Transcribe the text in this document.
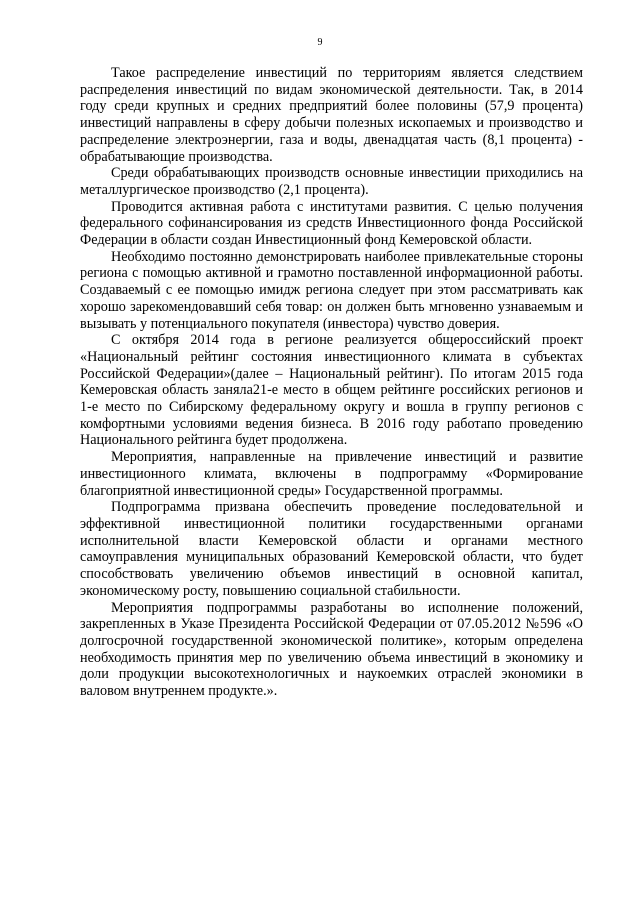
9

Такое распределение инвестиций по территориям является следствием распределения инвестиций по видам экономической деятельности. Так, в 2014 году среди крупных и средних предприятий более половины (57,9 процента) инвестиций направлены в сферу добычи полезных ископаемых и производство и распределение электроэнергии, газа и воды, двенадцатая часть (8,1 процента) - обрабатывающие производства.

Среди обрабатывающих производств основные инвестиции приходились на металлургическое производство (2,1 процента).

Проводится активная работа с институтами развития. С целью получения федерального софинансирования из средств Инвестиционного фонда Российской Федерации в области создан Инвестиционный фонд Кемеровской области.

Необходимо постоянно демонстрировать наиболее привлекательные стороны региона с помощью активной и грамотно поставленной информационной работы. Создаваемый с ее помощью имидж региона следует при этом рассматривать как хорошо зарекомендовавший себя товар: он должен быть мгновенно узнаваемым и вызывать у потенциального покупателя (инвестора) чувство доверия.

С октября 2014 года в регионе реализуется общероссийский проект «Национальный рейтинг состояния инвестиционного климата в субъектах Российской Федерации»(далее – Национальный рейтинг). По итогам 2015 года Кемеровская область заняла21-е место в общем рейтинге российских регионов и 1-е место по Сибирскому федеральному округу и вошла в группу регионов с комфортными условиями ведения бизнеса. В 2016 году работапо проведению Национального рейтинга будет продолжена.

Мероприятия, направленные на привлечение инвестиций и развитие инвестиционного климата, включены в подпрограмму «Формирование благоприятной инвестиционной среды» Государственной программы.

Подпрограмма призвана обеспечить проведение последовательной и эффективной инвестиционной политики государственными органами исполнительной власти Кемеровской области и органами местного самоуправления муниципальных образований Кемеровской области, что будет способствовать увеличению объемов инвестиций в основной капитал, экономическому росту, повышению социальной стабильности.

Мероприятия подпрограммы разработаны во исполнение положений, закрепленных в Указе Президента Российской Федерации от 07.05.2012 №596 «О долгосрочной государственной экономической политике», которым определена необходимость принятия мер по увеличению объема инвестиций в экономику и доли продукции высокотехнологичных и наукоемких отраслей экономики в валовом внутреннем продукте.».
